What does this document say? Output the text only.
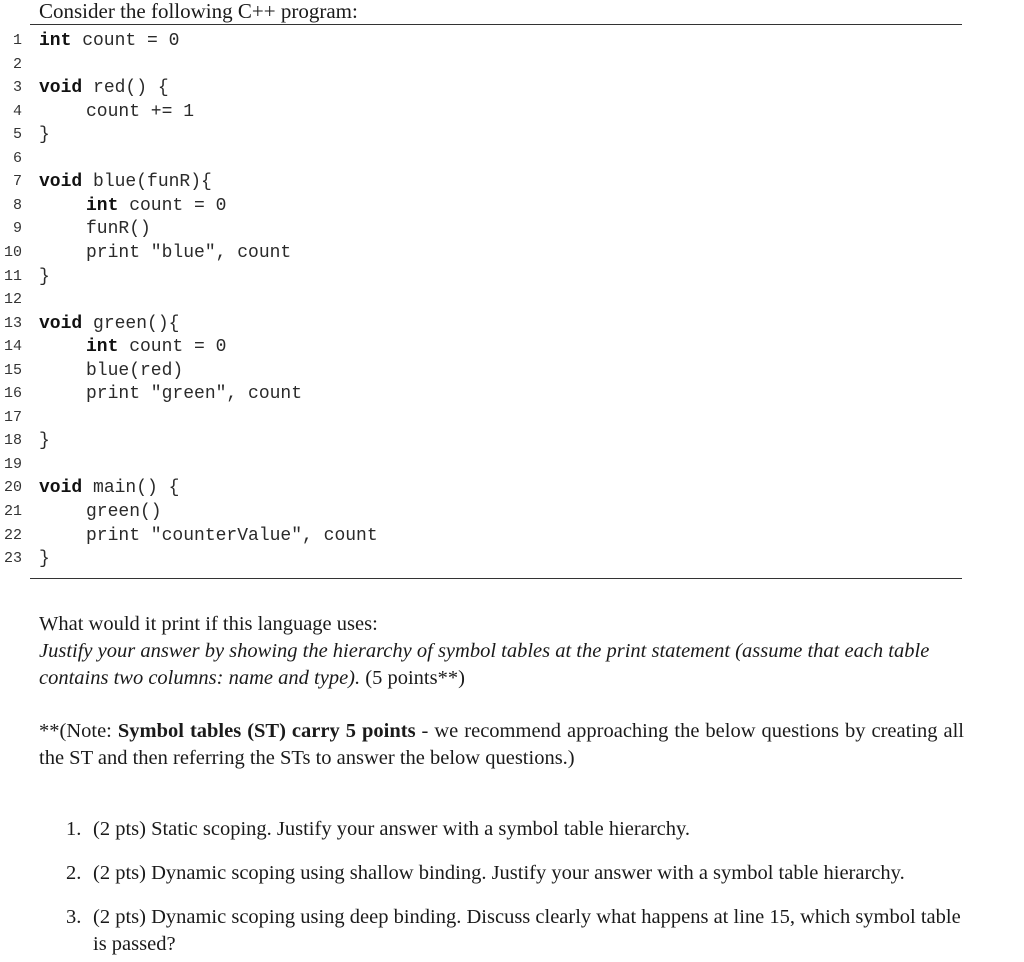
Consider the following C++ program:
1 int count = 0
2
3 void red() {
4	count += 1
5 }
6
7 void blue(funR){
8	int count = 0
9	funR()
10	print "blue", count
11 }
12
13 void green(){
14	int count = 0
15	blue(red)
16	print "green", count
17
18 }
19
20 void main() {
21	green()
22	print "counterValue", count
23 }
What would it print if this language uses:
Justify your answer by showing the hierarchy of symbol tables at the print statement (assume that each table contains two columns: name and type). (5 points**)
**(Note: Symbol tables (ST) carry 5 points - we recommend approaching the below questions by creating all the ST and then referring the STs to answer the below questions.)
1. (2 pts) Static scoping. Justify your answer with a symbol table hierarchy.
2. (2 pts) Dynamic scoping using shallow binding. Justify your answer with a symbol table hierarchy.
3. (2 pts) Dynamic scoping using deep binding. Discuss clearly what happens at line 15, which symbol table is passed?
